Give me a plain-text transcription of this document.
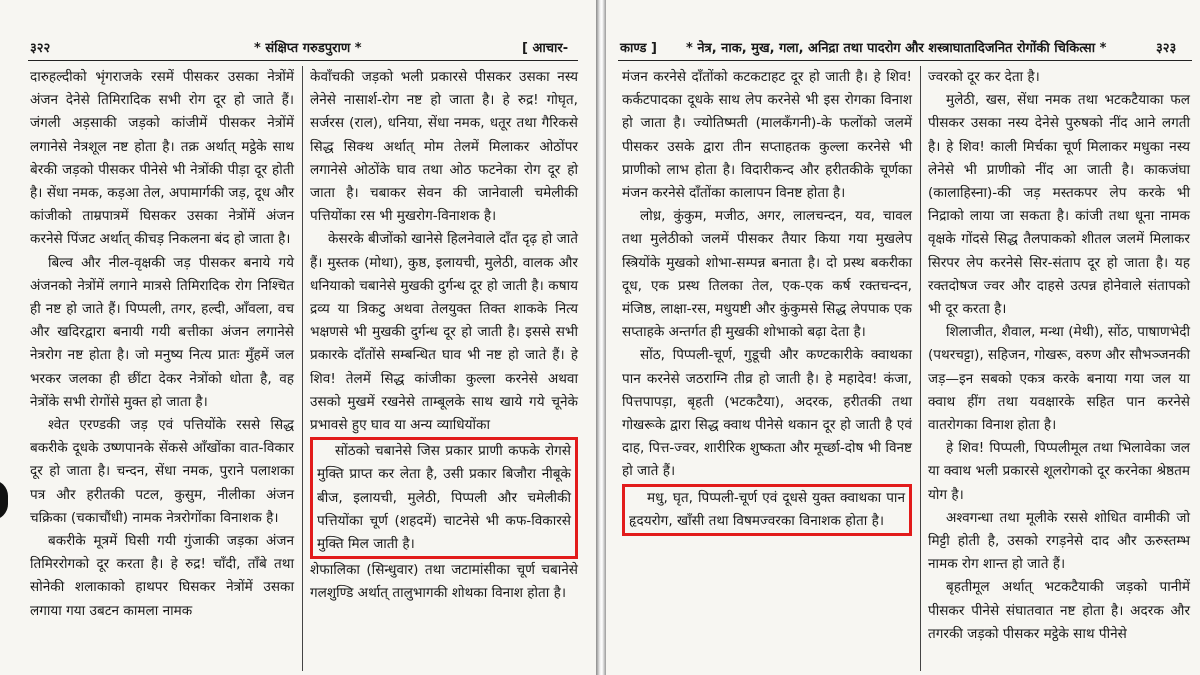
३२२	* संक्षिप्त गरुडपुराण *	[ आचार-

दारुहल्दीको भृंगराजके रसमें पीसकर उसका नेत्रोंमें अंजन देनेसे तिमिरादिक सभी रोग दूर हो जाते हैं। जंगली अड़साकी जड़को कांजीमें पीसकर नेत्रोंमें लगानेसे नेत्रशूल नष्ट होता है। तक्र अर्थात् मट्ठेके साथ बेरकी जड़को पीसकर पीनेसे भी नेत्रोंकी पीड़ा दूर होती है। सेंधा नमक, कड़आ तेल, अपामार्गकी जड़, दूध और कांजीको ताम्रपात्रमें घिसकर उसका नेत्रोंमें अंजन करनेसे पिंजट अर्थात् कीचड़ निकलना बंद हो जाता है।

बिल्व और नील-वृक्षकी जड़ पीसकर बनाये गये अंजनको नेत्रोंमें लगाने मात्रसे तिमिरादिक रोग निश्चित ही नष्ट हो जाते हैं। पिप्पली, तगर, हल्दी, आँवला, वच और खदिरद्वारा बनायी गयी बत्तीका अंजन लगानेसे नेत्ररोग नष्ट होता है। जो मनुष्य नित्य प्रातः मुँहमें जल भरकर जलका ही छींटा देकर नेत्रोंको धोता है, वह नेत्रोंके सभी रोगोंसे मुक्त हो जाता है।

श्वेत एरण्डकी जड़ एवं पत्तियोंके रससे सिद्ध बकरीके दूधके उष्णपानके सेंकसे आँखोंका वात-विकार दूर हो जाता है। चन्दन, सेंधा नमक, पुराने पलाशका पत्र और हरीतकी पटल, कुसुम, नीलीका अंजन चक्रिका (चकाचौंधी) नामक नेत्ररोगोंका विनाशक है।

बकरीके मूत्रमें घिसी गयी गुंजाकी जड़का अंजन तिमिररोगको दूर करता है। हे रुद्र! चाँदी, ताँबे तथा सोनेकी शलाकाको हाथपर घिसकर नेत्रोंमें उसका लगाया गया उबटन कामला नामक

केवाँचकी जड़को भली प्रकारसे पीसकर उसका नस्य लेनेसे नासार्श-रोग नष्ट हो जाता है। हे रुद्र! गोघृत, सर्जरस (राल), धनिया, सेंधा नमक, धतूर तथा गैरिकसे सिद्ध सिक्थ अर्थात् मोम तेलमें मिलाकर ओठोंपर लगानेसे ओठोंके घाव तथा ओठ फटनेका रोग दूर हो जाता है। चबाकर सेवन की जानेवाली चमेलीकी पत्तियोंका रस भी मुखरोग-विनाशक है।

केसरके बीजोंको खानेसे हिलनेवाले दाँत दृढ़ हो जाते हैं। मुस्तक (मोथा), कुष्ठ, इलायची, मुलेठी, वालक और धनियाको चबानेसे मुखकी दुर्गन्ध दूर हो जाती है। कषाय द्रव्य या त्रिकटु अथवा तेलयुक्त तिक्त शाकके नित्य भक्षणसे भी मुखकी दुर्गन्ध दूर हो जाती है। इससे सभी प्रकारके दाँतोंसे सम्बन्धित घाव भी नष्ट हो जाते हैं। हे शिव! तेलमें सिद्ध कांजीका कुल्ला करनेसे अथवा उसको मुखमें रखनेसे ताम्बूलके साथ खाये गये चूनेके प्रभावसे हुए घाव या अन्य व्याधियोंका

सोंठको चबानेसे जिस प्रकार प्राणी कफके रोगसे मुक्ति प्राप्त कर लेता है, उसी प्रकार बिजौरा नीबूके बीज, इलायची, मुलेठी, पिप्पली और चमेलीकी पत्तियोंका चूर्ण (शहदमें) चाटनेसे भी कफ-विकारसे मुक्ति मिल जाती है।

शेफालिका (सिन्धुवार) तथा जटामांसीका चूर्ण चबानेसे गलशुण्डि अर्थात् तालुभागकी शोथका विनाश होता है।

काण्ड ] * नेत्र, नाक, मुख, गला, अनिद्रा तथा पादरोग और शस्त्राघातादिजनित रोगोंकी चिकित्सा *	३२३

मंजन करनेसे दाँतोंको कटकटाहट दूर हो जाती है। हे शिव! कर्कटपादका दूधके साथ लेप करनेसे भी इस रोगका विनाश हो जाता है। ज्योतिष्मती (मालकँगनी)-के फलोंको जलमें पीसकर उसके द्वारा तीन सप्ताहतक कुल्ला करनेसे भी प्राणीको लाभ होता है। विदारीकन्द और हरीतकीके चूर्णका मंजन करनेसे दाँतोंका कालापन विनष्ट होता है।

लोध्र, कुंकुम, मजीठ, अगर, लालचन्दन, यव, चावल तथा मुलेठीको जलमें पीसकर तैयार किया गया मुखलेप स्त्रियोंके मुखको शोभा-सम्पन्न बनाता है। दो प्रस्थ बकरीका दूध, एक प्रस्थ तिलका तेल, एक-एक कर्ष रक्तचन्दन, मंजिष्ठ, लाक्षा-रस, मधुयष्टी और कुंकुमसे सिद्ध लेपपाक एक सप्ताहके अन्तर्गत ही मुखकी शोभाको बढ़ा देता है।

सोंठ, पिप्पली-चूर्ण, गुडूची और कण्टकारीके क्वाथका पान करनेसे जठराग्नि तीव्र हो जाती है। हे महादेव! कंजा, पित्तपापड़ा, बृहती (भटकटैया), अदरक, हरीतकी तथा गोखरूके द्वारा सिद्ध क्वाथ पीनेसे थकान दूर हो जाती है एवं दाह, पित्त-ज्वर, शारीरिक शुष्कता और मूर्च्छा-दोष भी विनष्ट हो जाते हैं।

मधु, घृत, पिप्पली-चूर्ण एवं दूधसे युक्त क्वाथका पान हृदयरोग, खाँसी तथा विषमज्वरका विनाशक होता है।

ज्वरको दूर कर देता है।

मुलेठी, खस, सेंधा नमक तथा भटकटैयाका फल पीसकर उसका नस्य देनेसे पुरुषको नींद आने लगती है। हे शिव! काली मिर्चका चूर्ण मिलाकर मधुका नस्य लेनेसे भी प्राणीको नींद आ जाती है। काकजंघा (कालाहिस्ना)-की जड़ मस्तकपर लेप करके भी निद्राको लाया जा सकता है। कांजी तथा धूना नामक वृक्षके गोंदसे सिद्ध तैलपाकको शीतल जलमें मिलाकर सिरपर लेप करनेसे सिर-संताप दूर हो जाता है। यह रक्तदोषज ज्वर और दाहसे उत्पन्न होनेवाले संतापको भी दूर करता है।

शिलाजीत, शैवाल, मन्था (मेथी), सोंठ, पाषाणभेदी (पथरचट्टा), सहिजन, गोखरू, वरुण और सौभञ्जनकी जड़—इन सबको एकत्र करके बनाया गया जल या क्वाथ हींग तथा यवक्षारके सहित पान करनेसे वातरोगका विनाश होता है।

हे शिव! पिप्पली, पिप्पलीमूल तथा भिलावेका जल या क्वाथ भली प्रकारसे शूलरोगको दूर करनेका श्रेष्ठतम योग है।

अश्वगन्धा तथा मूलीके रससे शोधित वामीकी जो मिट्टी होती है, उसको रगड़नेसे दाद और ऊरुस्तम्भ नामक रोग शान्त हो जाते हैं।

बृहतीमूल अर्थात् भटकटैयाकी जड़को पानीमें पीसकर पीनेसे संघातवात नष्ट होता है। अदरक और तगरकी जड़को पीसकर मट्ठेके साथ पीनेसे
